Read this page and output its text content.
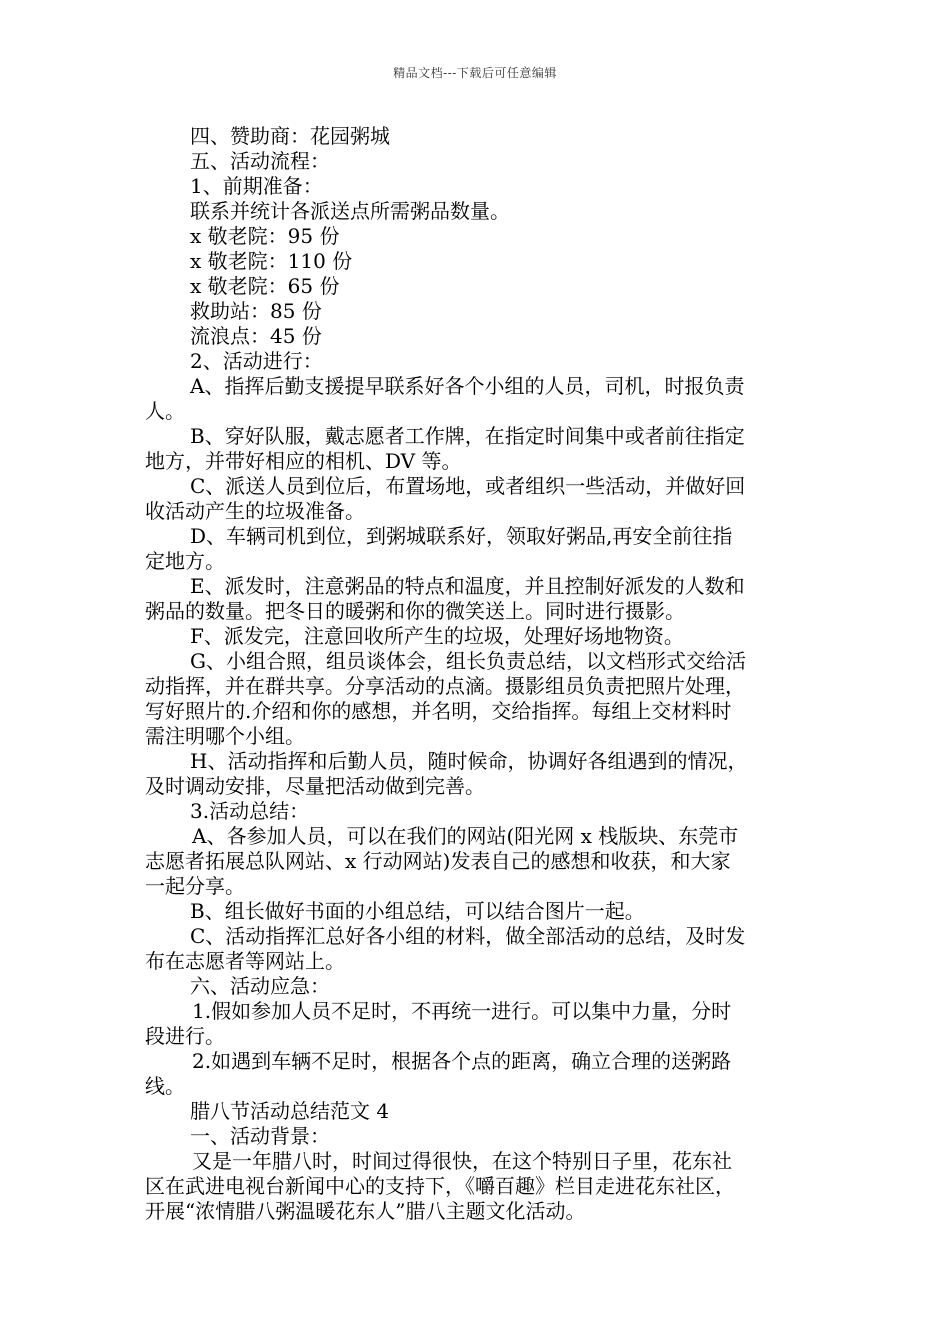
精品文档---下载后可任意编辑
四、赞助商：花园粥城
五、活动流程：
1、前期准备：
联系并统计各派送点所需粥品数量。
x 敬老院：95 份
x 敬老院：110 份
x 敬老院：65 份
救助站：85 份
流浪点：45 份
2、活动进行：
A、指挥后勤支援提早联系好各个小组的人员，司机，时报负责
人。
B、穿好队服，戴志愿者工作牌，在指定时间集中或者前往指定
地方，并带好相应的相机、DV 等。
C、派送人员到位后，布置场地，或者组织一些活动，并做好回
收活动产生的垃圾准备。
D、车辆司机到位，到粥城联系好，领取好粥品,再安全前往指
定地方。
E、派发时，注意粥品的特点和温度，并且控制好派发的人数和
粥品的数量。把冬日的暖粥和你的微笑送上。同时进行摄影。
F、派发完，注意回收所产生的垃圾，处理好场地物资。
G、小组合照，组员谈体会，组长负责总结，以文档形式交给活
动指挥，并在群共享。分享活动的点滴。摄影组员负责把照片处理，
写好照片的.介绍和你的感想，并名明，交给指挥。每组上交材料时
需注明哪个小组。
H、活动指挥和后勤人员，随时候命，协调好各组遇到的情况，
及时调动安排，尽量把活动做到完善。
3.活动总结：
A、各参加人员，可以在我们的网站(阳光网 x 栈版块、东莞市
志愿者拓展总队网站、x 行动网站)发表自己的感想和收获，和大家
一起分享。
B、组长做好书面的小组总结，可以结合图片一起。
C、活动指挥汇总好各小组的材料，做全部活动的总结，及时发
布在志愿者等网站上。
六、活动应急：
1.假如参加人员不足时，不再统一进行。可以集中力量，分时
段进行。
2.如遇到车辆不足时，根据各个点的距离，确立合理的送粥路
线。
腊八节活动总结范文 4
一、活动背景：
又是一年腊八时，时间过得很快，在这个特别日子里，花东社
区在武进电视台新闻中心的支持下，《嚼百趣》栏目走进花东社区，
开展“浓情腊八粥温暖花东人”腊八主题文化活动。
